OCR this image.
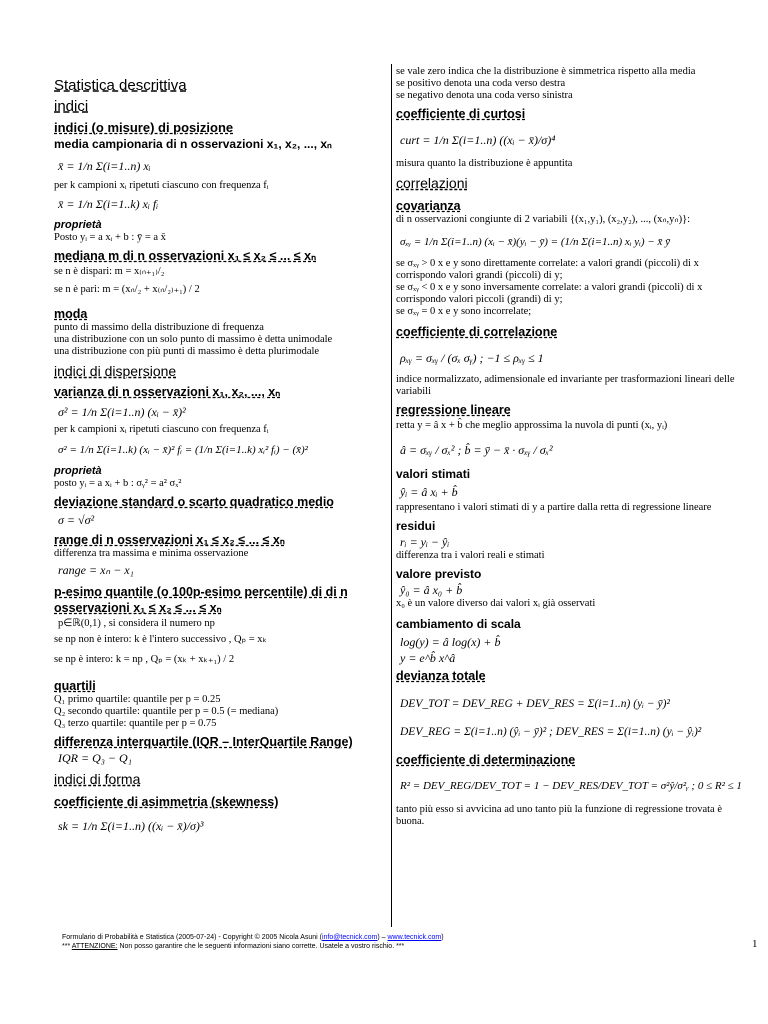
Statistica descrittiva
indici
indici (o misure) di posizione
media campionaria di n osservazioni x₁, x₂, ..., xₙ
x̄ = 1/n Σ(i=1..n) xᵢ
per k campioni xᵢ ripetuti ciascuno con frequenza fᵢ
x̄ = 1/n Σ(i=1..k) xᵢ fᵢ
proprietà
Posto yᵢ = a xᵢ + b : ȳ = a x̄
mediana m di n osservazioni x₁ ≤ x₂ ≤ ... ≤ xₙ
se n è dispari: m = x₍ₙ₊₁₎/₂
se n è pari: m = (xₙ/₂ + x₍ₙ/₂₎₊₁) / 2
moda
punto di massimo della distribuzione di frequenza
una distribuzione con un solo punto di massimo è detta unimodale
una distribuzione con più punti di massimo è detta plurimodale
indici di dispersione
varianza di n osservazioni x₁, x₂, ..., xₙ
σ² = 1/n Σ(i=1..n) (xᵢ − x̄)²
per k campioni xᵢ ripetuti ciascuno con frequenza fᵢ
σ² = 1/n Σ(i=1..k) (xᵢ − x̄)² fᵢ = (1/n Σ(i=1..k) xᵢ² fᵢ) − (x̄)²
proprietà
posto yᵢ = a xᵢ + b : σᵧ² = a² σₓ²
deviazione standard o scarto quadratico medio
σ = √σ²
range di n osservazioni x₁ ≤ x₂ ≤ ... ≤ xₙ
differenza tra massima e minima osservazione
range = xₙ − x₁
p-esimo quantile (o 100p-esimo percentile) di di n osservazioni x₁ ≤ x₂ ≤ ... ≤ xₙ
p∈ℝ(0,1) , si considera il numero np
se np non è intero: k è l'intero successivo , Qₚ = xₖ
se np è intero: k = np , Qₚ = (xₖ + xₖ₊₁) / 2
quartili
Q₁ primo quartile: quantile per p = 0.25
Q₂ secondo quartile: quantile per p = 0.5 (= mediana)
Q₃ terzo quartile: quantile per p = 0.75
differenza interquartile (IQR – InterQuartile Range)
IQR = Q₃ − Q₁
indici di forma
coefficiente di asimmetria (skewness)
sk = 1/n Σ(i=1..n) ((xᵢ − x̄)/σ)³
se vale zero indica che la distribuzione è simmetrica rispetto alla media
se positivo denota una coda verso destra
se negativo denota una coda verso sinistra
coefficiente di curtosi
curt = 1/n Σ(i=1..n) ((xᵢ − x̄)/σ)⁴
misura quanto la distribuzione è appuntita
correlazioni
covarianza
di n osservazioni congiunte di 2 variabili {(x₁,y₁), (x₂,y₂), ..., (xₙ,yₙ)}:
σₓᵧ = 1/n Σ(i=1..n) (xᵢ − x̄)(yᵢ − ȳ) = (1/n Σ(i=1..n) xᵢ yᵢ) − x̄ ȳ
se σₓᵧ > 0 x e y sono direttamente correlate: a valori grandi (piccoli) di x corrispondo valori grandi (piccoli) di y;
se σₓᵧ < 0 x e y sono inversamente correlate: a valori grandi (piccoli) di x corrispondo valori piccoli (grandi) di y;
se σₓᵧ = 0 x e y sono incorrelate;
coefficiente di correlazione
ρₓᵧ = σₓᵧ / (σₓ σᵧ) ; −1 ≤ ρₓᵧ ≤ 1
indice normalizzato, adimensionale ed invariante per trasformazioni lineari delle variabili
regressione lineare
retta y = â x + b̂ che meglio approssima la nuvola di punti (xᵢ, yᵢ)
â = σₓᵧ / σₓ² ; b̂ = ȳ − x̄ · σₓᵧ / σₓ²
valori stimati
ŷᵢ = â xᵢ + b̂
rappresentano i valori stimati di y a partire dalla retta di regressione lineare
residui
rᵢ = yᵢ − ŷᵢ
differenza tra i valori reali e stimati
valore previsto
ŷ₀ = â x₀ + b̂
x₀ è un valore diverso dai valori xᵢ già osservati
cambiamento di scala
log(y) = â log(x) + b̂
y = e^b̂ x^â
devianza totale
DEV_TOT = DEV_REG + DEV_RES = Σ(i=1..n) (yᵢ − ȳ)²
DEV_REG = Σ(i=1..n) (ŷᵢ − ȳ)² ; DEV_RES = Σ(i=1..n) (yᵢ − ŷᵢ)²
coefficiente di determinazione
R² = DEV_REG/DEV_TOT = 1 − DEV_RES/DEV_TOT = σ²ŷ/σ²ᵧ ; 0 ≤ R² ≤ 1
tanto più esso si avvicina ad uno tanto più la funzione di regressione trovata è buona.
Formulario di Probabilità e Statistica (2005-07-24) - Copyright © 2005 Nicola Asuni (info@tecnick.com) – www.tecnick.com)
*** ATTENZIONE: Non posso garantire che le seguenti informazioni siano corrette. Usatele a vostro rischio. ***	1
